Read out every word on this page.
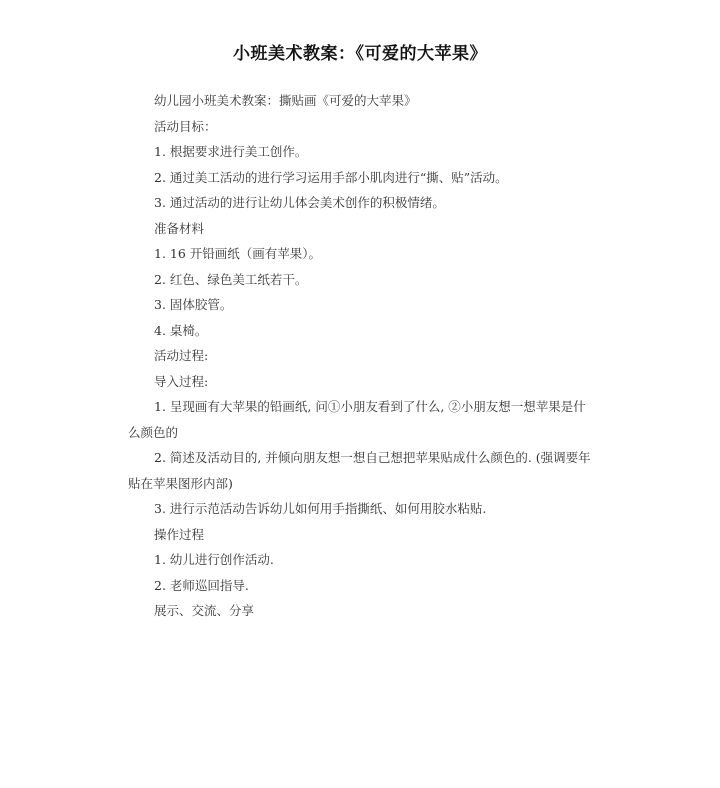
小班美术教案：《可爱的大苹果》

幼儿园小班美术教案：撕贴画《可爱的大苹果》

活动目标：

1. 根据要求进行美工创作。

2. 通过美工活动的进行学习运用手部小肌肉进行“撕、贴”活动。

3. 通过活动的进行让幼儿体会美术创作的积极情绪。

准备材料

1. 16 开铅画纸（画有苹果）。

2. 红色、绿色美工纸若干。

3. 固体胶管。

4. 桌椅。

活动过程:

导入过程:

1. 呈现画有大苹果的铅画纸, 问①小朋友看到了什么, ②小朋友想一想苹果是什么颜色的

2. 简述及活动目的, 并倾向朋友想一想自己想把苹果贴成什么颜色的. (强调要年贴在苹果图形内部)

3. 进行示范活动告诉幼儿如何用手指撕纸、如何用胶水粘贴.

操作过程

1. 幼儿进行创作活动.

2. 老师巡回指导.

展示、交流、分享
